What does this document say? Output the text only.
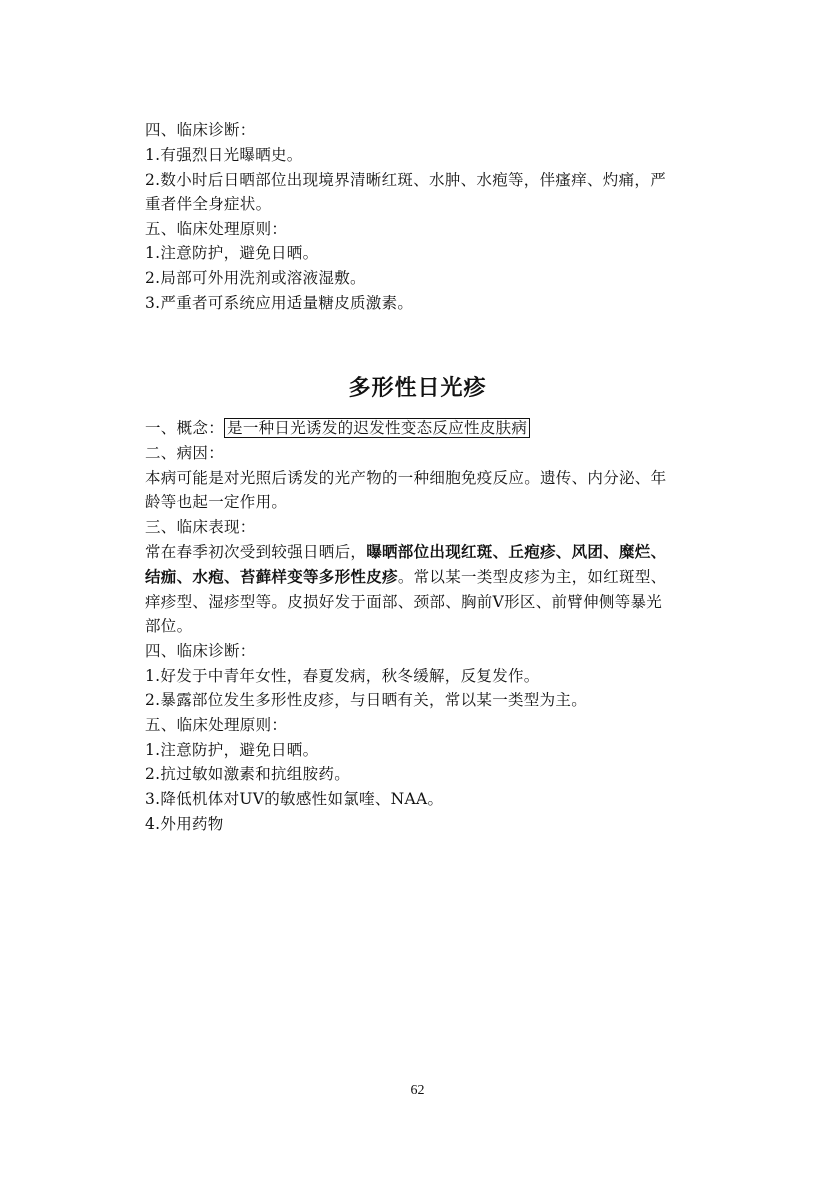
四、临床诊断：
1.有强烈日光曝晒史。
2.数小时后日晒部位出现境界清晰红斑、水肿、水疱等，伴瘙痒、灼痛，严
重者伴全身症状。
五、临床处理原则：
1.注意防护，避免日晒。
2.局部可外用洗剂或溶液湿敷。
3.严重者可系统应用适量糖皮质激素。
多形性日光疹
一、概念： 是一种日光诱发的迟发性变态反应性皮肤病
二、病因：
本病可能是对光照后诱发的光产物的一种细胞免疫反应。遗传、内分泌、年
龄等也起一定作用。
三、临床表现：
常在春季初次受到较强日晒后，曝晒部位出现红斑、丘疱疹、风团、糜烂、
结痂、水疱、苔藓样变等多形性皮疹。常以某一类型皮疹为主，如红斑型、
痒疹型、湿疹型等。皮损好发于面部、颈部、胸前V形区、前臂伸侧等暴光
部位。
四、临床诊断：
1.好发于中青年女性，春夏发病，秋冬缓解，反复发作。
2.暴露部位发生多形性皮疹，与日晒有关，常以某一类型为主。
五、临床处理原则：
1.注意防护，避免日晒。
2.抗过敏如激素和抗组胺药。
3.降低机体对UV的敏感性如氯喹、NAA。
4.外用药物
62
